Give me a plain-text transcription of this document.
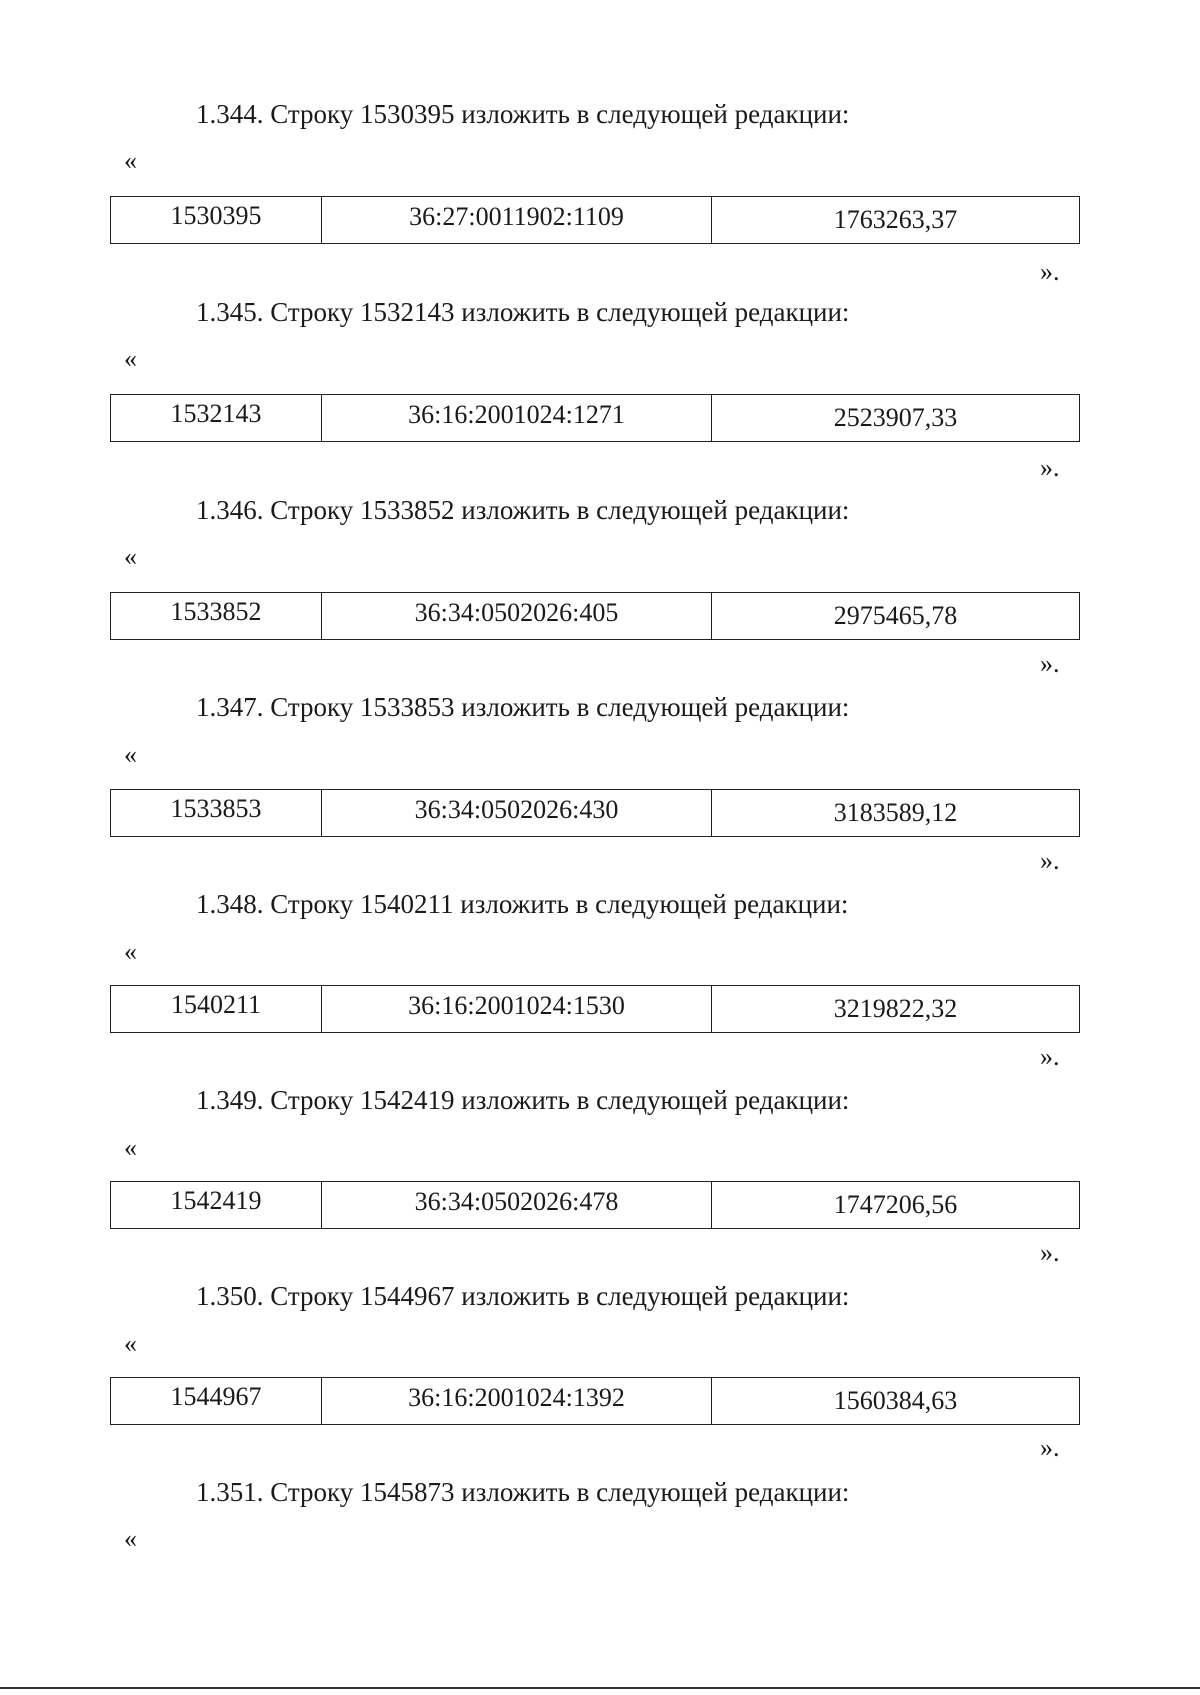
1.344. Строку 1530395 изложить в следующей редакции:
«
1530395	36:27:0011902:1109	1763263,37
».
1.345. Строку 1532143 изложить в следующей редакции:
«
1532143	36:16:2001024:1271	2523907,33
».
1.346. Строку 1533852 изложить в следующей редакции:
«
1533852	36:34:0502026:405	2975465,78
».
1.347. Строку 1533853 изложить в следующей редакции:
«
1533853	36:34:0502026:430	3183589,12
».
1.348. Строку 1540211 изложить в следующей редакции:
«
1540211	36:16:2001024:1530	3219822,32
».
1.349. Строку 1542419 изложить в следующей редакции:
«
1542419	36:34:0502026:478	1747206,56
».
1.350. Строку 1544967 изложить в следующей редакции:
«
1544967	36:16:2001024:1392	1560384,63
».
1.351. Строку 1545873 изложить в следующей редакции:
«
